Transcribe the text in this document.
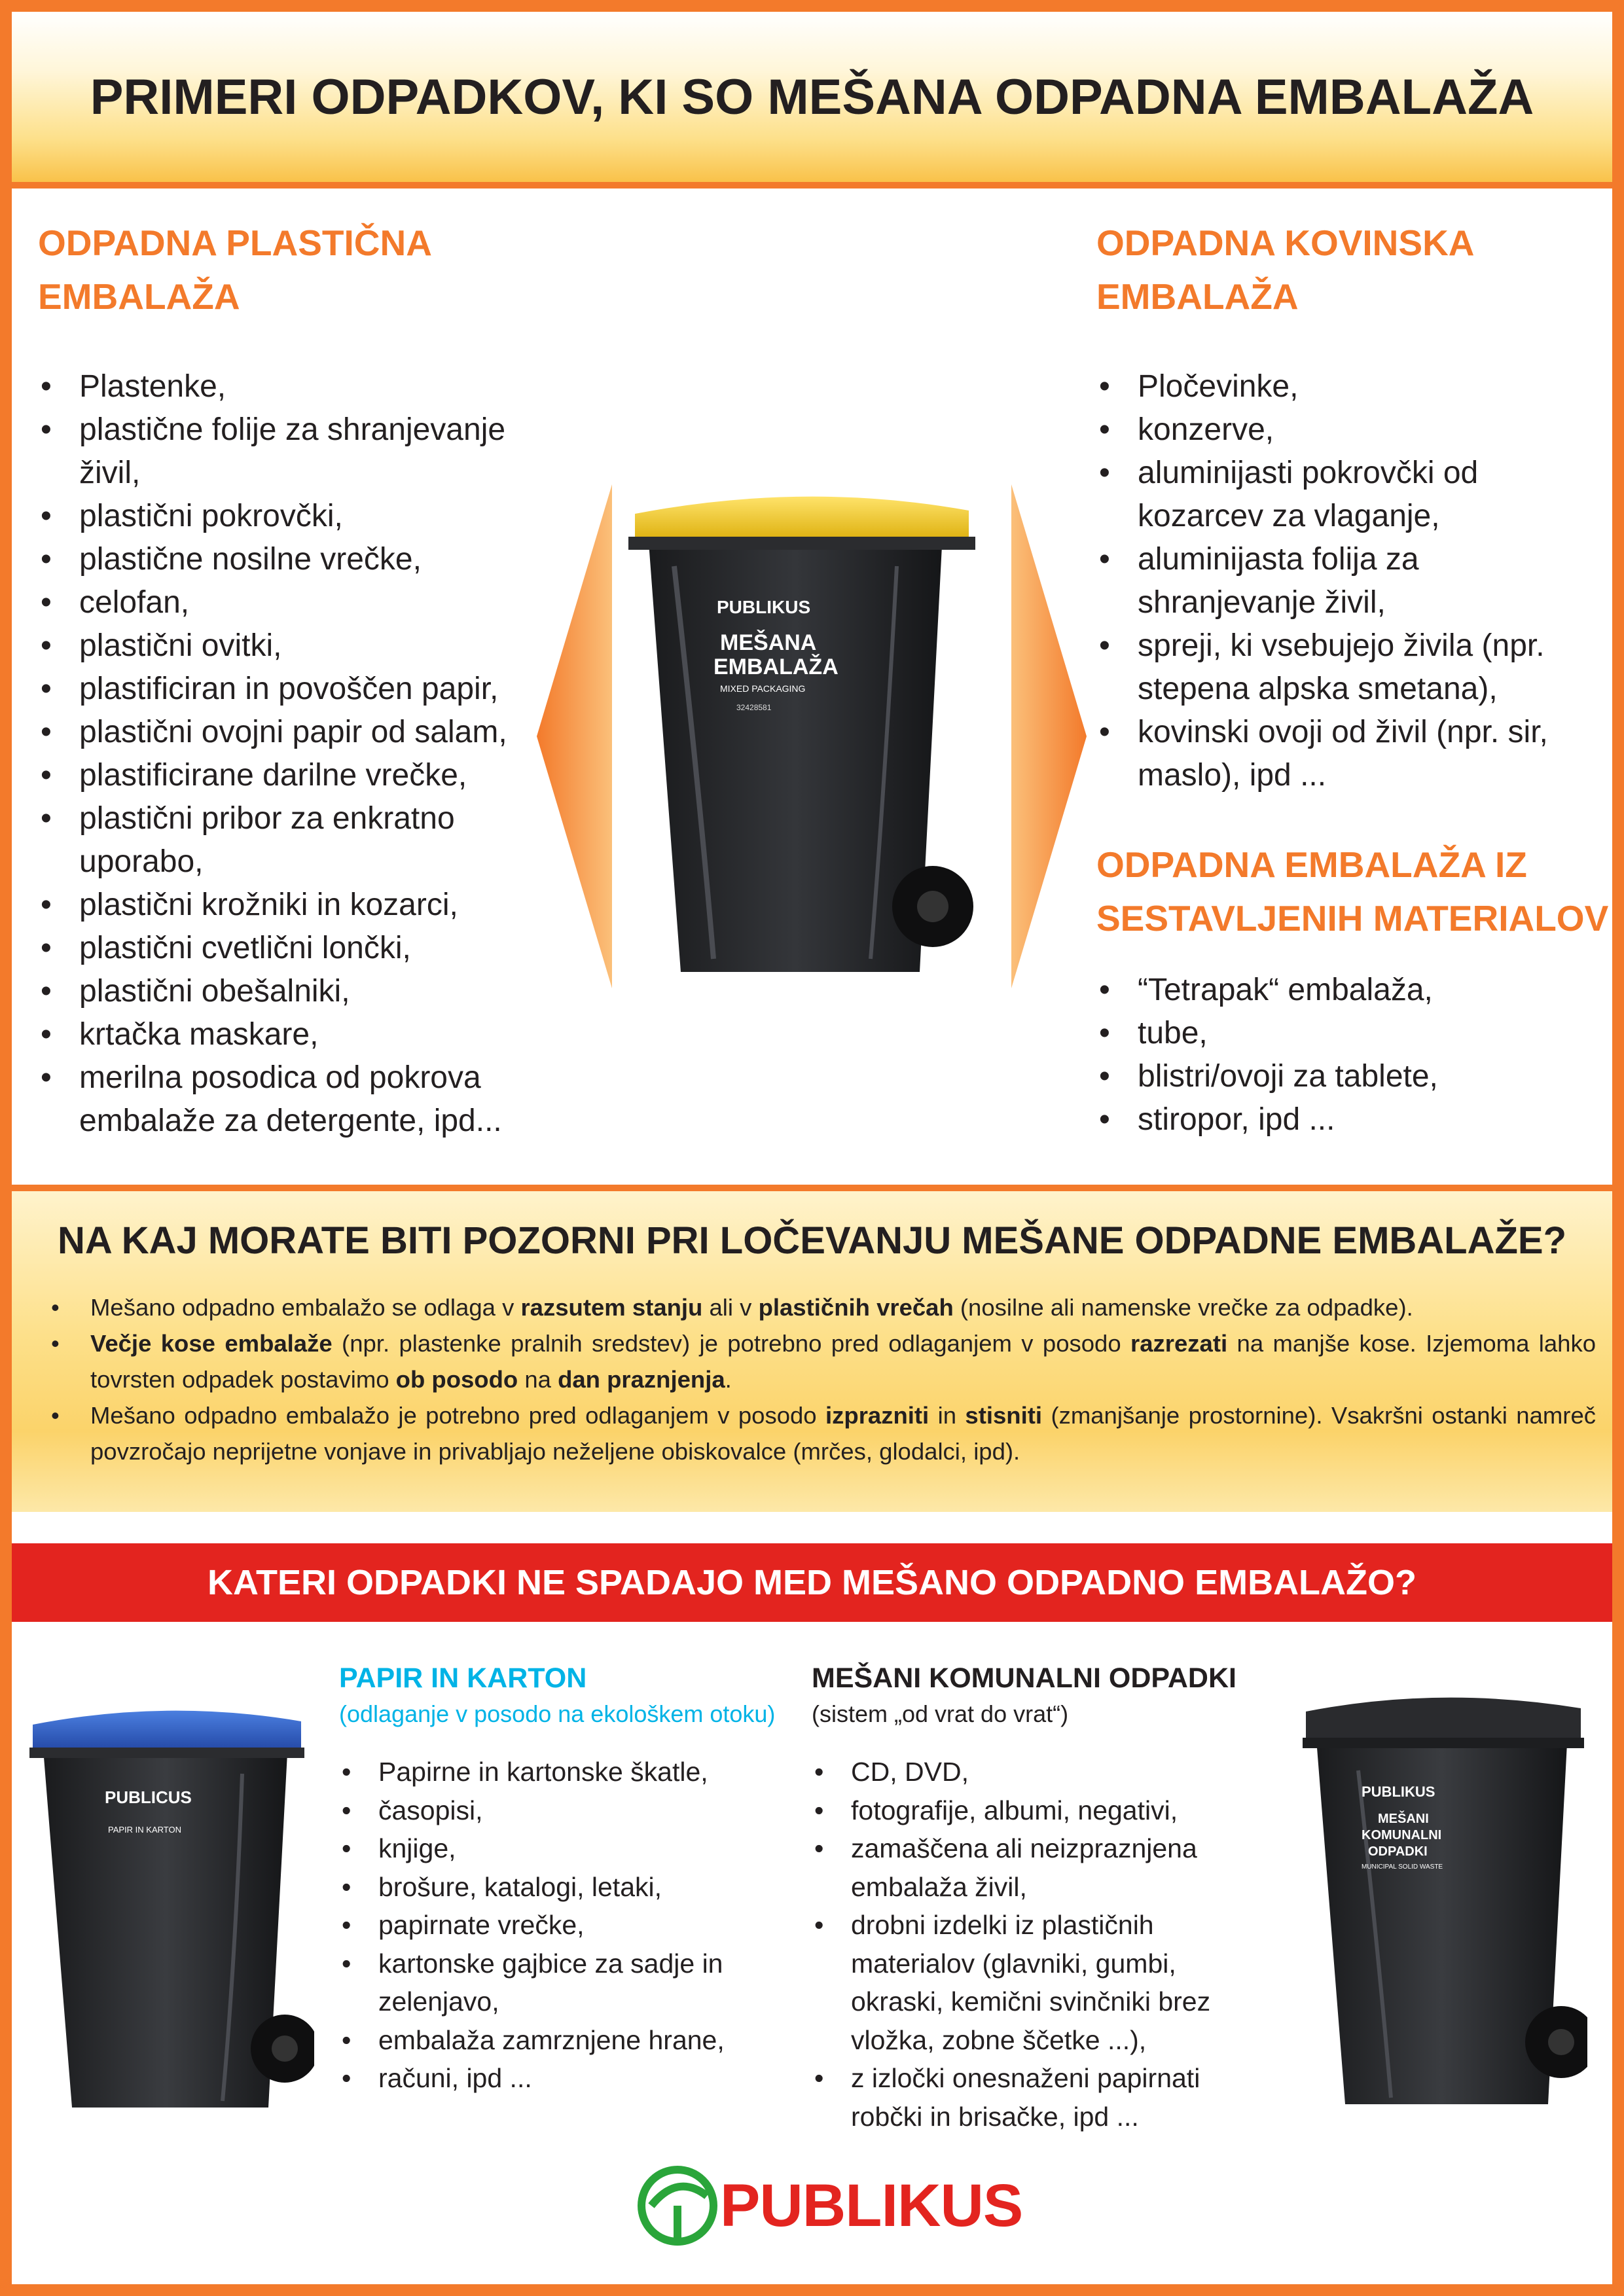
PRIMERI ODPADKOV, KI SO MEŠANA ODPADNA EMBALAŽA
ODPADNA PLASTIČNA
EMBALAŽA
• Plastenke,
• plastične folije za shranjevanje živil,
• plastični pokrovčki,
• plastične nosilne vrečke,
• celofan,
• plastični ovitki,
• plastificiran in povoščen papir,
• plastični ovojni papir od salam,
• plastificirane darilne vrečke,
• plastični pribor za enkratno uporabo,
• plastični krožniki in kozarci,
• plastični cvetlični lončki,
• plastični obešalniki,
• krtačka maskare,
• merilna posodica od pokrova embalaže za detergente, ipd...
PUBLIKUS
MEŠANA
EMBALAŽA
MIXED PACKAGING
32428581
ODPADNA KOVINSKA
EMBALAŽA
• Pločevinke,
• konzerve,
• aluminijasti pokrovčki od kozarcev za vlaganje,
• aluminijasta folija za shranjevanje živil,
• spreji, ki vsebujejo živila (npr. stepena alpska smetana),
• kovinski ovoji od živil (npr. sir, maslo), ipd ...
ODPADNA EMBALAŽA IZ
SESTAVLJENIH MATERIALOV
• “Tetrapak“ embalaža,
• tube,
• blistri/ovoji za tablete,
• stiropor, ipd ...
NA KAJ MORATE BITI POZORNI PRI LOČEVANJU MEŠANE ODPADNE EMBALAŽE?
• Mešano odpadno embalažo se odlaga v razsutem stanju ali v plastičnih vrečah (nosilne ali namenske vrečke za odpadke).
• Večje kose embalaže (npr. plastenke pralnih sredstev) je potrebno pred odlaganjem v posodo razrezati na manjše kose. Izjemoma lahko tovrsten odpadek postavimo ob posodo na dan praznjenja.
• Mešano odpadno embalažo je potrebno pred odlaganjem v posodo izprazniti in stisniti (zmanjšanje prostornine). Vsakršni ostanki namreč povzročajo neprijetne vonjave in privabljajo neželjene obiskovalce (mrčes, glodalci, ipd).
KATERI ODPADKI NE SPADAJO MED MEŠANO ODPADNO EMBALAŽO?
PUBLICUS
PAPIR IN KARTON
PAPIR IN KARTON
(odlaganje v posodo na ekološkem otoku)
• Papirne in kartonske škatle,
• časopisi,
• knjige,
• brošure, katalogi, letaki,
• papirnate vrečke,
• kartonske gajbice za sadje in zelenjavo,
• embalaža zamrznjene hrane,
• računi, ipd ...
MEŠANI KOMUNALNI ODPADKI
(sistem „od vrat do vrat“)
• CD, DVD,
• fotografije, albumi, negativi,
• zamaščena ali neizpraznjena embalaža živil,
• drobni izdelki iz plastičnih materialov (glavniki, gumbi, okraski, kemični svinčniki brez vložka, zobne ščetke ...),
• z izločki onesnaženi papirnati robčki in brisačke, ipd ...
PUBLIKUS
MEŠANI
KOMUNALNI
ODPADKI
MUNICIPAL SOLID WASTE
PUBLIKUS
